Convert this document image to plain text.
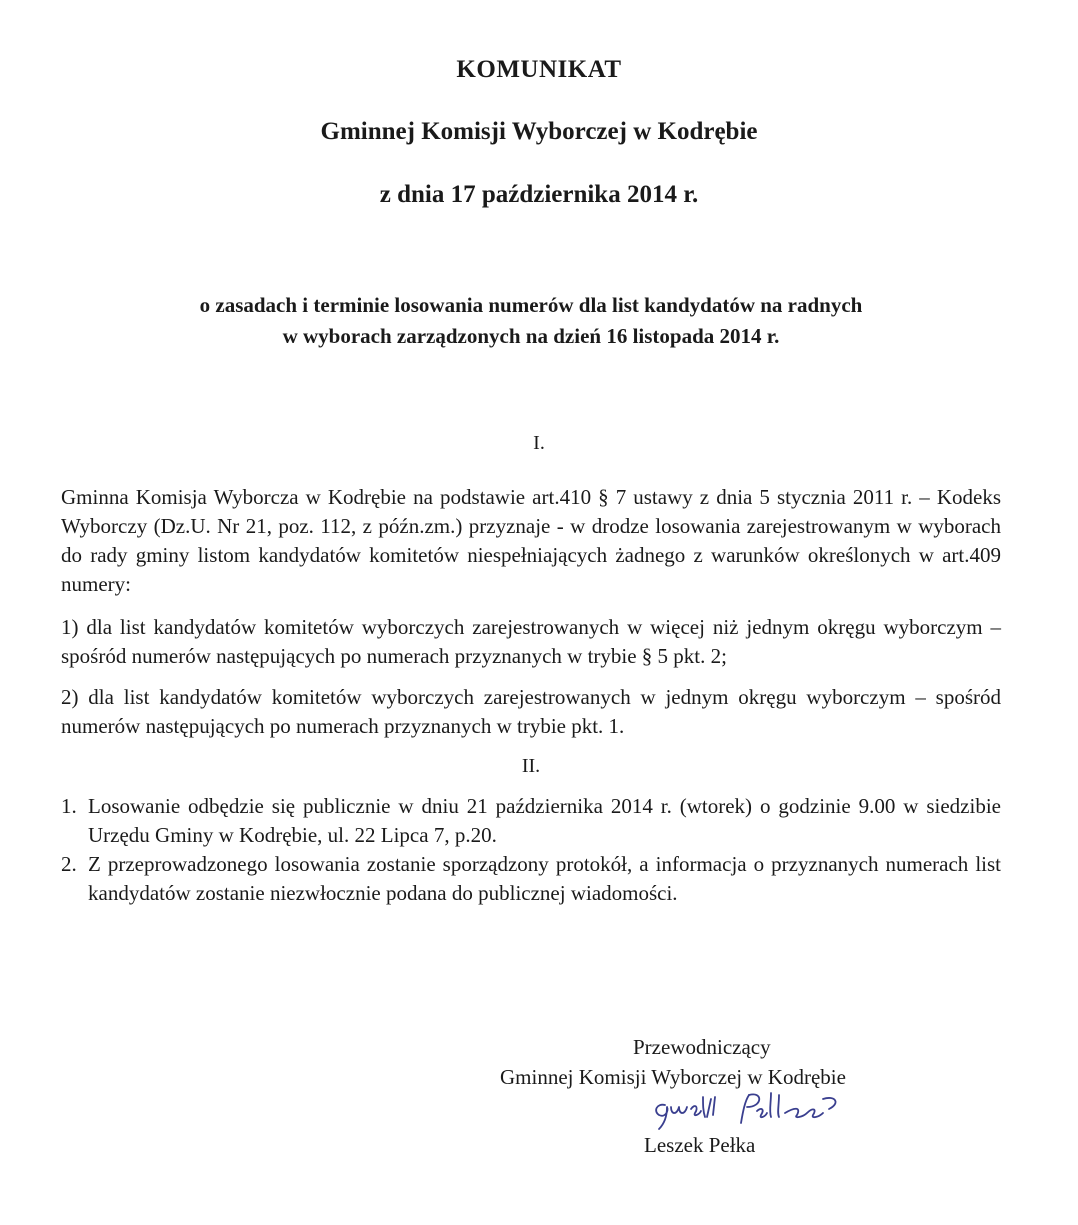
KOMUNIKAT
Gminnej Komisji Wyborczej w Kodrębie
z dnia 17 października 2014 r.
o zasadach i terminie losowania numerów dla list kandydatów na radnych
w wyborach zarządzonych na dzień 16 listopada 2014 r.
I.
Gminna Komisja Wyborcza w Kodrębie na podstawie art.410 § 7 ustawy z dnia 5 stycznia 2011 r. – Kodeks Wyborczy (Dz.U. Nr 21, poz. 112, z późn.zm.) przyznaje - w drodze losowania zarejestrowanym w wyborach do rady gminy listom kandydatów komitetów niespełniających żadnego z warunków określonych w art.409 numery:
1) dla list kandydatów komitetów wyborczych zarejestrowanych w więcej niż jednym okręgu wyborczym – spośród numerów następujących po numerach przyznanych w trybie § 5 pkt. 2;
2) dla list kandydatów komitetów wyborczych zarejestrowanych w jednym okręgu wyborczym – spośród numerów następujących po numerach przyznanych w trybie pkt. 1.
II.
1. Losowanie odbędzie się publicznie w dniu 21 października 2014 r. (wtorek) o godzinie 9.00 w siedzibie Urzędu Gminy w Kodrębie, ul. 22 Lipca 7, p.20.
2. Z przeprowadzonego losowania zostanie sporządzony protokół, a informacja o przyznanych numerach list kandydatów zostanie niezwłocznie podana do publicznej wiadomości.
Przewodniczący
Gminnej Komisji Wyborczej w Kodrębie
Leszek Pełka
